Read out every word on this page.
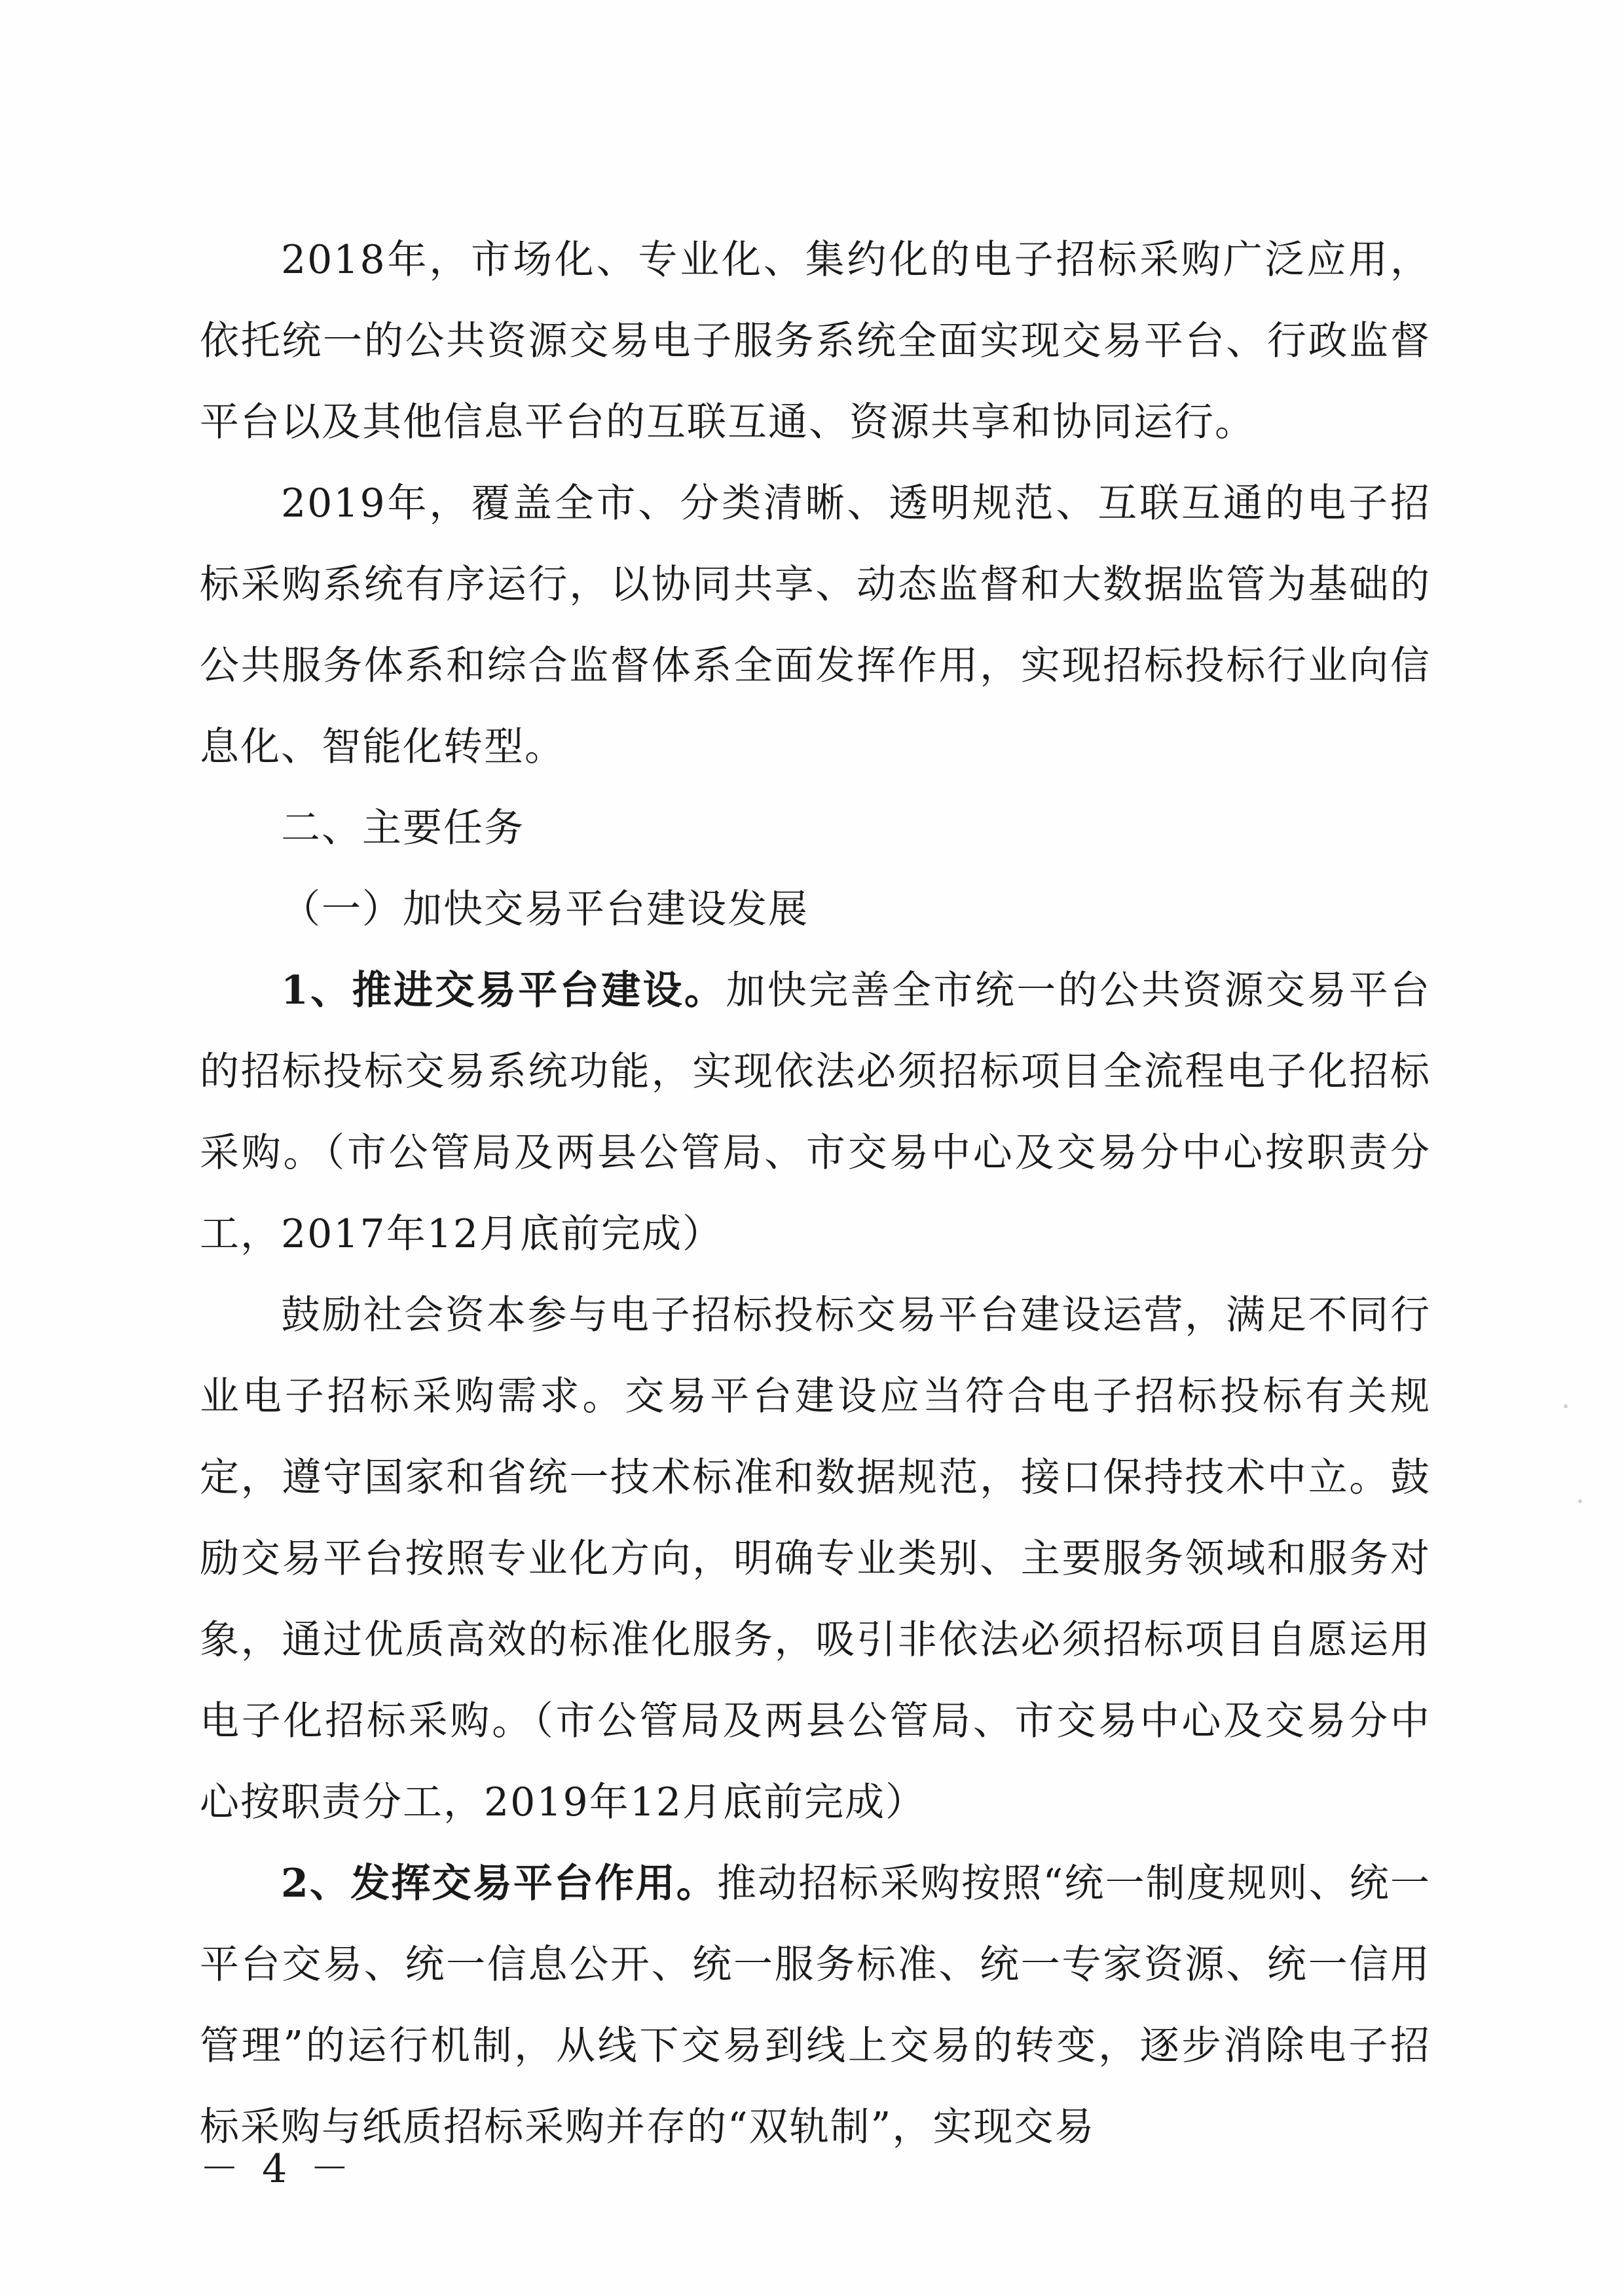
2018年，市场化、专业化、集约化的电子招标采购广泛应用，依托统一的公共资源交易电子服务系统全面实现交易平台、行政监督平台以及其他信息平台的互联互通、资源共享和协同运行。

2019年，覆盖全市、分类清晰、透明规范、互联互通的电子招标采购系统有序运行，以协同共享、动态监督和大数据监管为基础的公共服务体系和综合监督体系全面发挥作用，实现招标投标行业向信息化、智能化转型。

二、主要任务

（一）加快交易平台建设发展

1、推进交易平台建设。加快完善全市统一的公共资源交易平台的招标投标交易系统功能，实现依法必须招标项目全流程电子化招标采购。（市公管局及两县公管局、市交易中心及交易分中心按职责分工，2017年12月底前完成）

鼓励社会资本参与电子招标投标交易平台建设运营，满足不同行业电子招标采购需求。交易平台建设应当符合电子招标投标有关规定，遵守国家和省统一技术标准和数据规范，接口保持技术中立。鼓励交易平台按照专业化方向，明确专业类别、主要服务领域和服务对象，通过优质高效的标准化服务，吸引非依法必须招标项目自愿运用电子化招标采购。（市公管局及两县公管局、市交易中心及交易分中心按职责分工，2019年12月底前完成）

2、发挥交易平台作用。推动招标采购按照“统一制度规则、统一平台交易、统一信息公开、统一服务标准、统一专家资源、统一信用管理”的运行机制，从线下交易到线上交易的转变，逐步消除电子招标采购与纸质招标采购并存的“双轨制”，实现交易

－ 4 －
